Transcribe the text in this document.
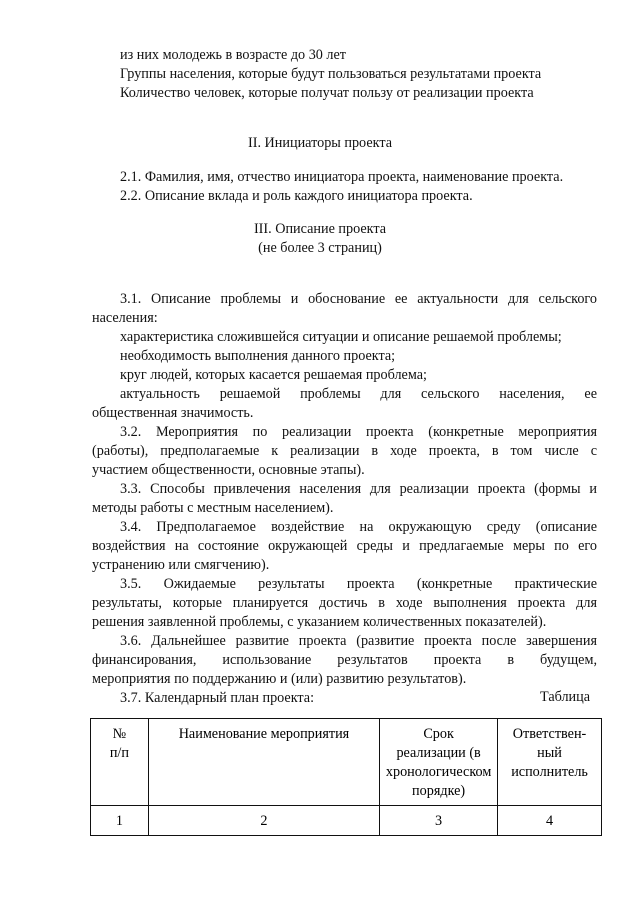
из них молодежь в возрасте до 30 лет
Группы населения, которые будут пользоваться результатами проекта
Количество человек, которые получат пользу от реализации проекта
II. Инициаторы проекта
2.1. Фамилия, имя, отчество инициатора проекта, наименование проекта.
2.2. Описание вклада и роль каждого инициатора проекта.
III. Описание проекта
(не более 3 страниц)
3.1. Описание проблемы и обоснование ее актуальности для сельского
населения:
характеристика сложившейся ситуации и описание решаемой проблемы;
необходимость выполнения данного проекта;
круг людей, которых касается решаемая проблема;
актуальность решаемой проблемы для сельского населения, ее
общественная значимость.
3.2. Мероприятия по реализации проекта (конкретные мероприятия
(работы), предполагаемые к реализации в ходе проекта, в том числе с
участием общественности, основные этапы).
3.3. Способы привлечения населения для реализации проекта (формы и
методы работы с местным населением).
3.4. Предполагаемое воздействие на окружающую среду (описание
воздействия на состояние окружающей среды и предлагаемые меры по его
устранению или смягчению).
3.5. Ожидаемые результаты проекта (конкретные практические
результаты, которые планируется достичь в ходе выполнения проекта для
решения заявленной проблемы, с указанием количественных показателей).
3.6. Дальнейшее развитие проекта (развитие проекта после завершения
финансирования, использование результатов проекта в будущем,
мероприятия по поддержанию и (или) развитию результатов).
3.7. Календарный план проекта:	Таблица
№
п/п	Наименование мероприятия	Срок
реализации (в
хронологическом
порядке)	Ответствен-
ный
исполнитель
1	2	3	4
